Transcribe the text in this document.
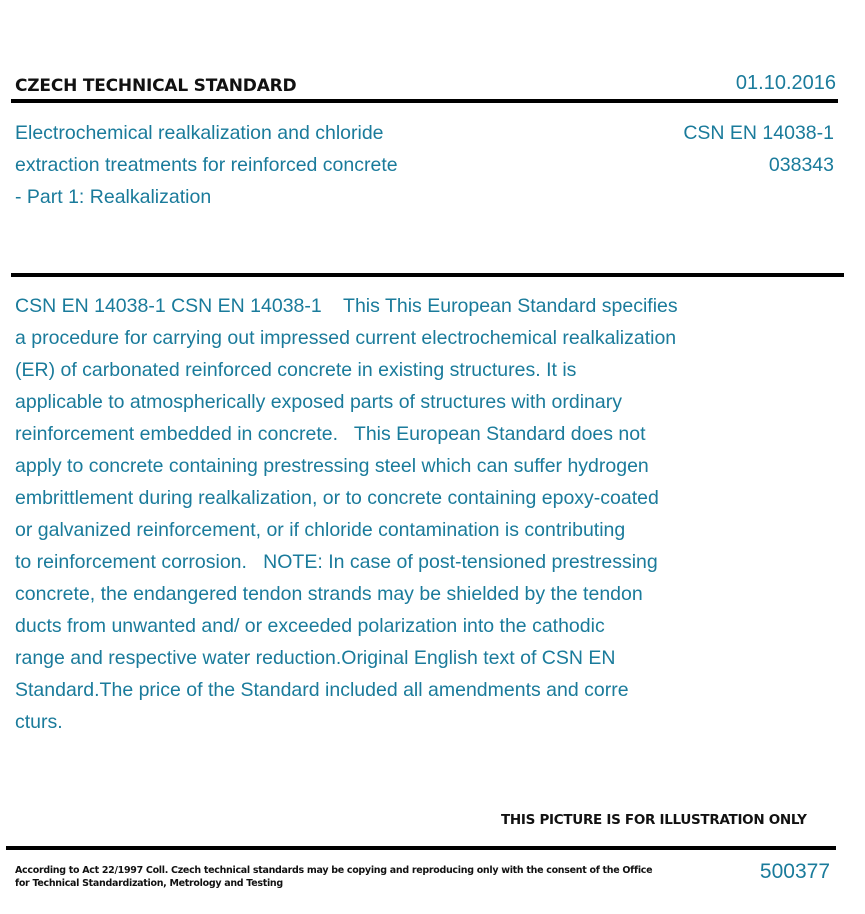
CZECH TECHNICAL STANDARD	01.10.2016
Electrochemical realkalization and chloride
extraction treatments for reinforced concrete
- Part 1: Realkalization
CSN EN 14038-1
038343
CSN EN 14038-1 CSN EN 14038-1    This This European Standard specifies
a procedure for carrying out impressed current electrochemical realkalization
(ER) of carbonated reinforced concrete in existing structures. It is
applicable to atmospherically exposed parts of structures with ordinary
reinforcement embedded in concrete.   This European Standard does not
apply to concrete containing prestressing steel which can suffer hydrogen
embrittlement during realkalization, or to concrete containing epoxy-coated
or galvanized reinforcement, or if chloride contamination is contributing
to reinforcement corrosion.   NOTE: In case of post-tensioned prestressing
concrete, the endangered tendon strands may be shielded by the tendon
ducts from unwanted and/ or exceeded polarization into the cathodic
range and respective water reduction.Original English text of CSN EN
Standard.The price of the Standard included all amendments and corre
cturs.
THIS PICTURE IS FOR ILLUSTRATION ONLY
According to Act 22/1997 Coll. Czech technical standards may be copying and reproducing only with the consent of the Office
for Technical Standardization, Metrology and Testing
500377
